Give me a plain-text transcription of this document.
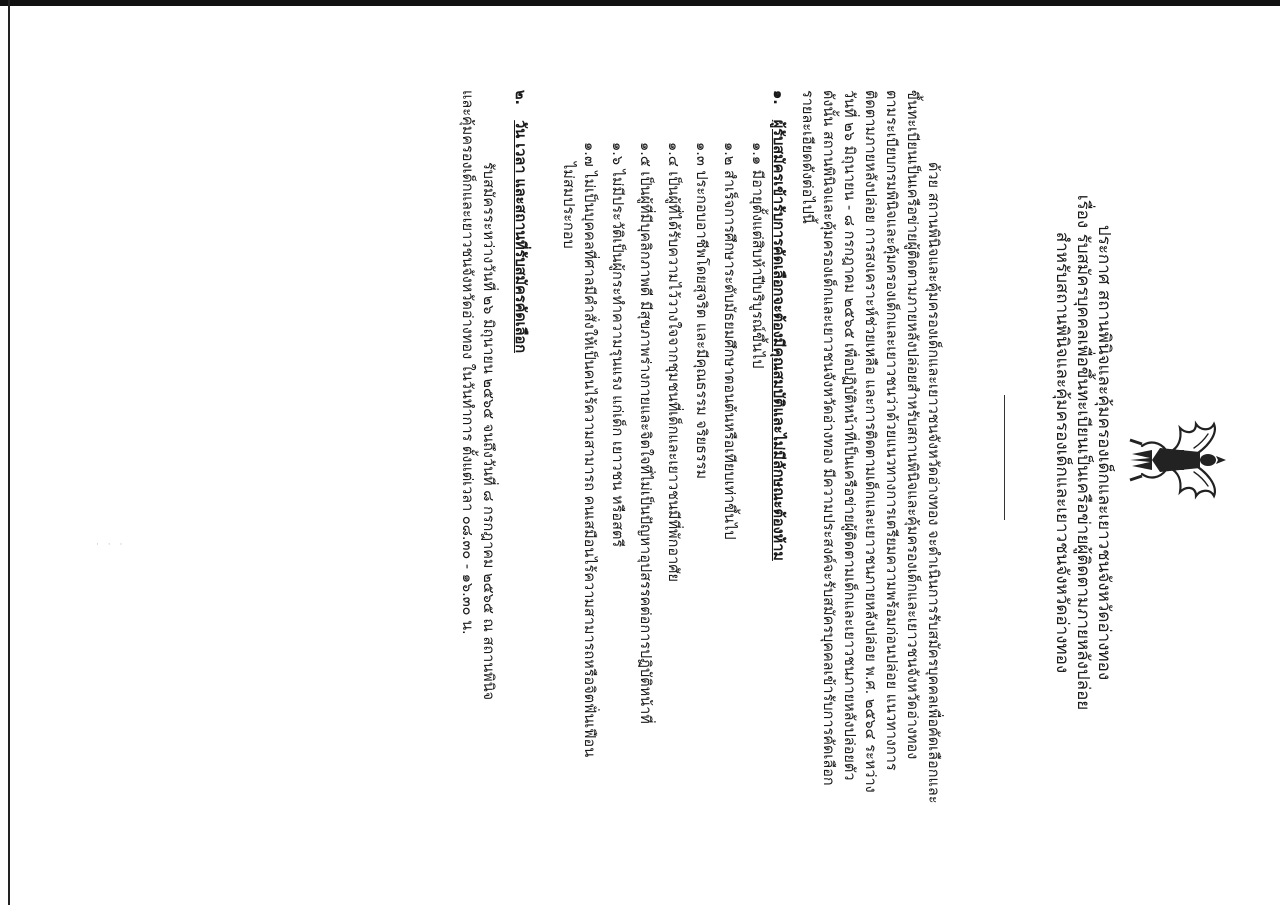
· · ·	ประกาศ สถานพินิจและคุ้มครองเด็กและเยาวชนจังหวัดอ่างทอง

เรื่อง รับสมัครบุคคลเพื่อขึ้นทะเบียนเป็นเครือข่ายผู้ติดตามภายหลังปล่อย

สำหรับสถานพินิจและคุ้มครองเด็กและเยาวชนจังหวัดอ่างทอง

ด้วย สถานพินิจและคุ้มครองเด็กและเยาวชนจังหวัดอ่างทอง จะดำเนินการรับสมัครบุคคลเพื่อคัดเลือกและ

ขึ้นทะเบียนเป็นเครือข่ายผู้ติดตามภายหลังปล่อยสำหรับสถานพินิจและคุ้มครองเด็กและเยาวชนจังหวัดอ่างทอง

ตามระเบียบกรมพินิจและคุ้มครองเด็กและเยาวชนว่าด้วยแนวทางการเตรียมความพร้อมก่อนปล่อย แนวทางการ

ติดตามภายหลังปล่อย การสงเคราะห์ช่วยเหลือ และการติดตามเด็กและเยาวชนภายหลังปล่อย พ.ศ. ๒๕๖๔ ระหว่าง

วันที่ ๒๖ มิถุนายน - ๘ กรกฎาคม ๒๕๖๕ เพื่อปฏิบัติหน้าที่เป็นเครือข่ายผู้ติดตามเด็กและเยาวชนภายหลังปล่อยตัว

ดังนั้น สถานพินิจและคุ้มครองเด็กและเยาวชนจังหวัดอ่างทอง มีความประสงค์จะรับสมัครบุคคลเข้ารับการคัดเลือก

รายละเอียดดังต่อไปนี้

๑. ผู้รับสมัครเข้ารับการคัดเลือกจะต้องมีคุณสมบัติและไม่มีลักษณะต้องห้าม

๑.๑ มีอายุตั้งแต่สิบห้าปีบริบูรณ์ขึ้นไป

๑.๒ สำเร็จการศึกษาระดับมัธยมศึกษาตอนต้นหรือเทียบเท่าขึ้นไป

๑.๓ ประกอบอาชีพโดยสุจริต และมีคุณธรรม จริยธรรม

๑.๔ เป็นผู้ที่ได้รับความไว้วางใจจากชุมชนที่เด็กและเยาวชนมีที่พักอาศัย

๑.๕ เป็นผู้ที่มีบุคลิกภาพดี มีสุขภาพร่างกายและจิตใจที่ไม่เป็นปัญหาอุปสรรคต่อการปฏิบัติหน้าที่

๑.๖ ไม่มีประวัติเป็นผู้กระทำความรุนแรง แก่เด็ก เยาวชน หรือสตรี

๑.๗ ไม่เป็นบุคคลที่ศาลมีคำสั่งให้เป็นคนไร้ความสามารถ คนเสมือนไร้ความสามารถหรือจิตฟั่นเฟือน

ไม่สมประกอบ

๒. วัน เวลา และสถานที่รับสมัครคัดเลือก

รับสมัครระหว่างวันที่ ๒๖ มิถุนายน ๒๕๖๕ จนถึงวันที่ ๘ กรกฎาคม ๒๕๖๕ ณ สถานพินิจ

และคุ้มครองเด็กและเยาวชนจังหวัดอ่างทอง ในวันทำการ ตั้งแต่เวลา ๐๘.๓๐ - ๑๖.๓๐ น.
